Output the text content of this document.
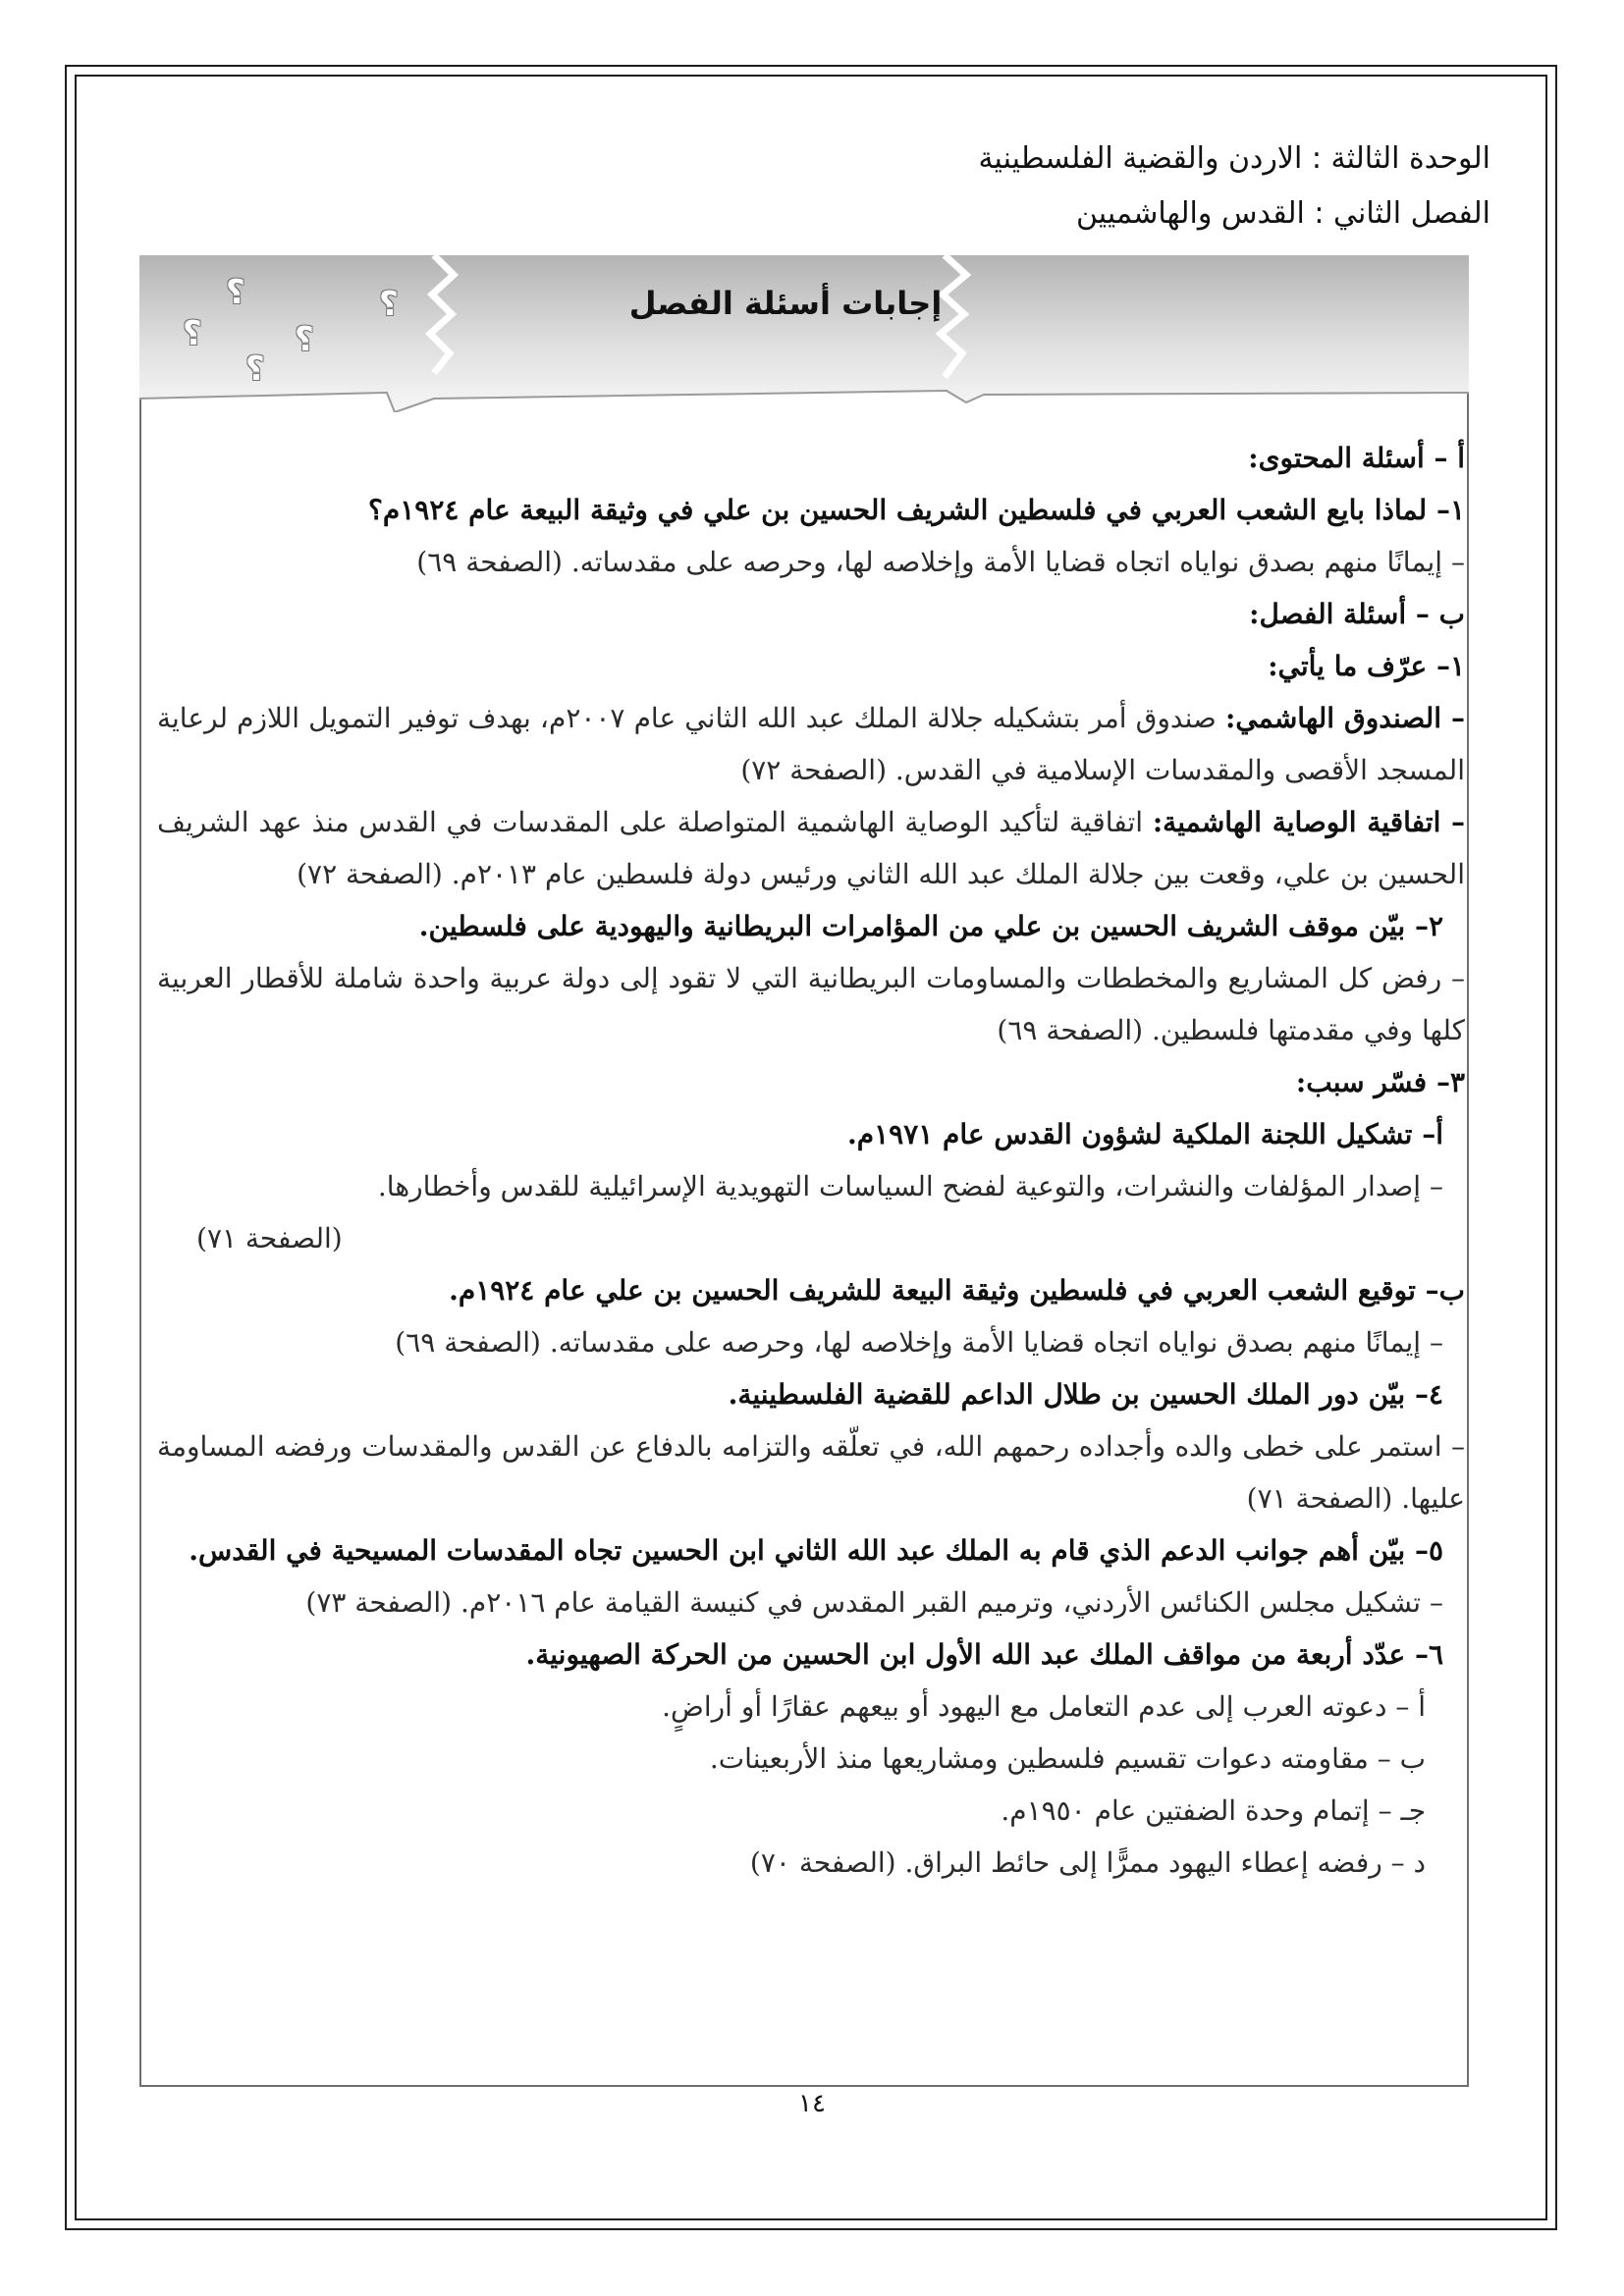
الوحدة الثالثة : الاردن والقضية الفلسطينية
الفصل الثاني : القدس والهاشميين
إجابات أسئلة الفصل
؟
؟	؟
؟
؟
أ – أسئلة المحتوى:
١– لماذا بايع الشعب العربي في فلسطين الشريف الحسين بن علي في وثيقة البيعة عام ١٩٢٤م؟
– إيمانًا منهم بصدق نواياه اتجاه قضايا الأمة وإخلاصه لها، وحرصه على مقدساته. (الصفحة ٦٩)
ب – أسئلة الفصل:
١– عرّف ما يأتي:
– الصندوق الهاشمي: صندوق أمر بتشكيله جلالة الملك عبد الله الثاني عام ٢٠٠٧م، بهدف توفير التمويل اللازم لرعاية المسجد الأقصى والمقدسات الإسلامية في القدس. (الصفحة ٧٢)
– اتفاقية الوصاية الهاشمية: اتفاقية لتأكيد الوصاية الهاشمية المتواصلة على المقدسات في القدس منذ عهد الشريف الحسين بن علي، وقعت بين جلالة الملك عبد الله الثاني ورئيس دولة فلسطين عام ٢٠١٣م. (الصفحة ٧٢)
٢– بيّن موقف الشريف الحسين بن علي من المؤامرات البريطانية واليهودية على فلسطين.
– رفض كل المشاريع والمخططات والمساومات البريطانية التي لا تقود إلى دولة عربية واحدة شاملة للأقطار العربية كلها وفي مقدمتها فلسطين. (الصفحة ٦٩)
٣– فسّر سبب:
أ– تشكيل اللجنة الملكية لشؤون القدس عام ١٩٧١م.
– إصدار المؤلفات والنشرات، والتوعية لفضح السياسات التهويدية الإسرائيلية للقدس وأخطارها.
(الصفحة ٧١)
ب– توقيع الشعب العربي في فلسطين وثيقة البيعة للشريف الحسين بن علي عام ١٩٢٤م.
– إيمانًا منهم بصدق نواياه اتجاه قضايا الأمة وإخلاصه لها، وحرصه على مقدساته. (الصفحة ٦٩)
٤– بيّن دور الملك الحسين بن طلال الداعم للقضية الفلسطينية.
– استمر على خطى والده وأجداده رحمهم الله، في تعلّقه والتزامه بالدفاع عن القدس والمقدسات ورفضه المساومة عليها. (الصفحة ٧١)
٥– بيّن أهم جوانب الدعم الذي قام به الملك عبد الله الثاني ابن الحسين تجاه المقدسات المسيحية في القدس.
– تشكيل مجلس الكنائس الأردني، وترميم القبر المقدس في كنيسة القيامة عام ٢٠١٦م. (الصفحة ٧٣)
٦– عدّد أربعة من مواقف الملك عبد الله الأول ابن الحسين من الحركة الصهيونية.
أ – دعوته العرب إلى عدم التعامل مع اليهود أو بيعهم عقارًا أو أراضٍ.
ب – مقاومته دعوات تقسيم فلسطين ومشاريعها منذ الأربعينات.
جـ – إتمام وحدة الضفتين عام ١٩٥٠م.
د – رفضه إعطاء اليهود ممرًّا إلى حائط البراق. (الصفحة ٧٠)
١٤
